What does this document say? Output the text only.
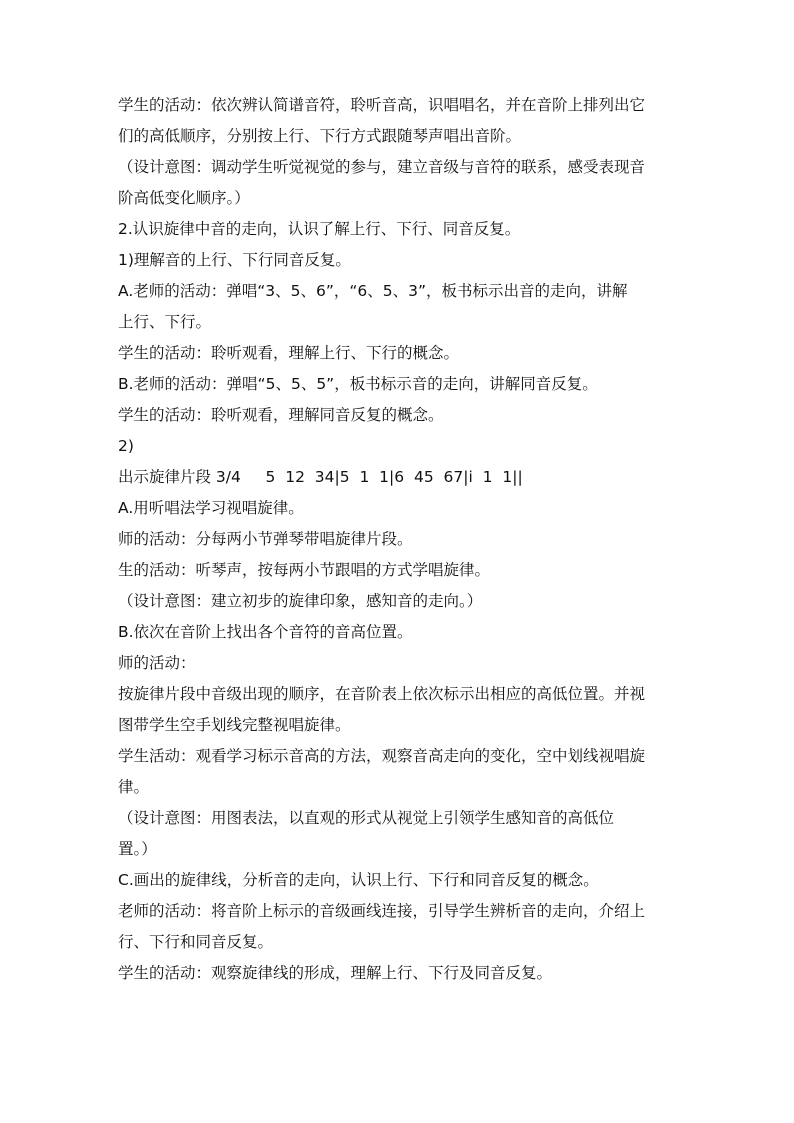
学生的活动：依次辨认简谱音符，聆听音高，识唱唱名，并在音阶上排列出它
们的高低顺序，分别按上行、下行方式跟随琴声唱出音阶。
（设计意图：调动学生听觉视觉的参与，建立音级与音符的联系，感受表现音
阶高低变化顺序。）
2.认识旋律中音的走向，认识了解上行、下行、同音反复。
1)理解音的上行、下行同音反复。
A.老师的活动：弹唱“3、5、6”，“6、5、3”，板书标示出音的走向，讲解
上行、下行。
学生的活动：聆听观看，理解上行、下行的概念。
B.老师的活动：弹唱“5、5、5”，板书标示音的走向，讲解同音反复。
学生的活动：聆听观看，理解同音反复的概念。
2)
出示旋律片段 3/4     5  12  34|5  1  1|6  45  67|i  1  1||
A.用听唱法学习视唱旋律。
师的活动：分每两小节弹琴带唱旋律片段。
生的活动：听琴声，按每两小节跟唱的方式学唱旋律。
（设计意图：建立初步的旋律印象，感知音的走向。）
B.依次在音阶上找出各个音符的音高位置。
师的活动：
按旋律片段中音级出现的顺序，在音阶表上依次标示出相应的高低位置。并视
图带学生空手划线完整视唱旋律。
学生活动：观看学习标示音高的方法，观察音高走向的变化，空中划线视唱旋
律。
（设计意图：用图表法，以直观的形式从视觉上引领学生感知音的高低位
置。）
C.画出的旋律线，分析音的走向，认识上行、下行和同音反复的概念。
老师的活动：将音阶上标示的音级画线连接，引导学生辨析音的走向，介绍上
行、下行和同音反复。
学生的活动：观察旋律线的形成，理解上行、下行及同音反复。
